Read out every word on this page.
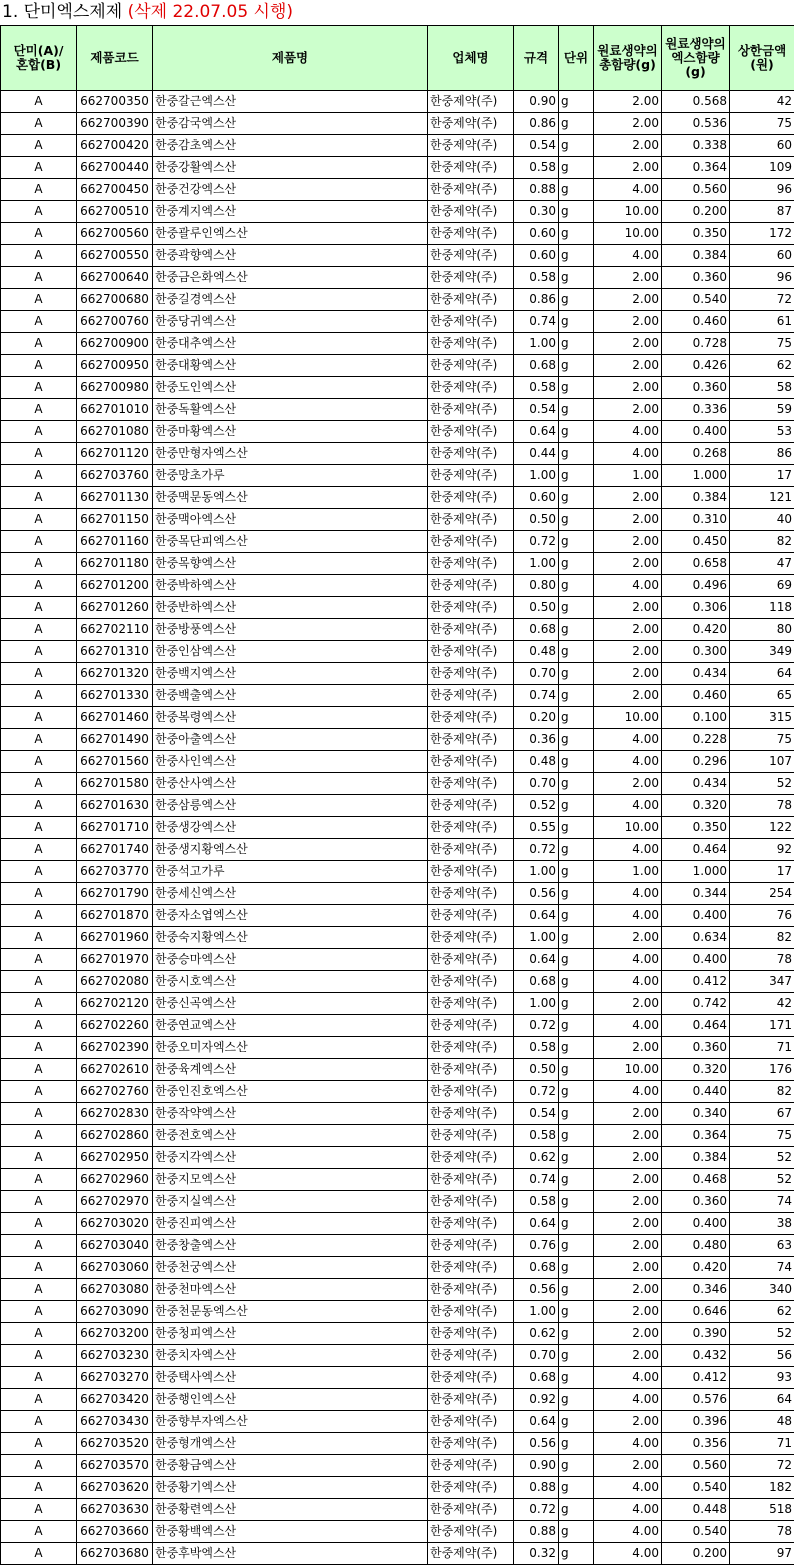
1. 단미엑스제제 (삭제 22.07.05 시행)
단미(A)/혼합(B)	제품코드	제품명	업체명	규격	단위	원료생약의 총함량(g)	원료생약의 엑스함량(g)	상한금액(원)
A	662700350	한중갈근엑스산	한중제약(주)	0.90	g	2.00	0.568	42
A	662700390	한중감국엑스산	한중제약(주)	0.86	g	2.00	0.536	75
A	662700420	한중감초엑스산	한중제약(주)	0.54	g	2.00	0.338	60
A	662700440	한중강활엑스산	한중제약(주)	0.58	g	2.00	0.364	109
A	662700450	한중건강엑스산	한중제약(주)	0.88	g	4.00	0.560	96
A	662700510	한중계지엑스산	한중제약(주)	0.30	g	10.00	0.200	87
A	662700560	한중괄루인엑스산	한중제약(주)	0.60	g	10.00	0.350	172
A	662700550	한중곽향엑스산	한중제약(주)	0.60	g	4.00	0.384	60
A	662700640	한중금은화엑스산	한중제약(주)	0.58	g	2.00	0.360	96
A	662700680	한중길경엑스산	한중제약(주)	0.86	g	2.00	0.540	72
A	662700760	한중당귀엑스산	한중제약(주)	0.74	g	2.00	0.460	61
A	662700900	한중대추엑스산	한중제약(주)	1.00	g	2.00	0.728	75
A	662700950	한중대황엑스산	한중제약(주)	0.68	g	2.00	0.426	62
A	662700980	한중도인엑스산	한중제약(주)	0.58	g	2.00	0.360	58
A	662701010	한중독활엑스산	한중제약(주)	0.54	g	2.00	0.336	59
A	662701080	한중마황엑스산	한중제약(주)	0.64	g	4.00	0.400	53
A	662701120	한중만형자엑스산	한중제약(주)	0.44	g	4.00	0.268	86
A	662703760	한중망초가루	한중제약(주)	1.00	g	1.00	1.000	17
A	662701130	한중맥문동엑스산	한중제약(주)	0.60	g	2.00	0.384	121
A	662701150	한중맥아엑스산	한중제약(주)	0.50	g	2.00	0.310	40
A	662701160	한중목단피엑스산	한중제약(주)	0.72	g	2.00	0.450	82
A	662701180	한중목향엑스산	한중제약(주)	1.00	g	2.00	0.658	47
A	662701200	한중박하엑스산	한중제약(주)	0.80	g	4.00	0.496	69
A	662701260	한중반하엑스산	한중제약(주)	0.50	g	2.00	0.306	118
A	662702110	한중방풍엑스산	한중제약(주)	0.68	g	2.00	0.420	80
A	662701310	한중인삼엑스산	한중제약(주)	0.48	g	2.00	0.300	349
A	662701320	한중백지엑스산	한중제약(주)	0.70	g	2.00	0.434	64
A	662701330	한중백출엑스산	한중제약(주)	0.74	g	2.00	0.460	65
A	662701460	한중복령엑스산	한중제약(주)	0.20	g	10.00	0.100	315
A	662701490	한중아출엑스산	한중제약(주)	0.36	g	4.00	0.228	75
A	662701560	한중사인엑스산	한중제약(주)	0.48	g	4.00	0.296	107
A	662701580	한중산사엑스산	한중제약(주)	0.70	g	2.00	0.434	52
A	662701630	한중삼릉엑스산	한중제약(주)	0.52	g	4.00	0.320	78
A	662701710	한중생강엑스산	한중제약(주)	0.55	g	10.00	0.350	122
A	662701740	한중생지황엑스산	한중제약(주)	0.72	g	4.00	0.464	92
A	662703770	한중석고가루	한중제약(주)	1.00	g	1.00	1.000	17
A	662701790	한중세신엑스산	한중제약(주)	0.56	g	4.00	0.344	254
A	662701870	한중자소엽엑스산	한중제약(주)	0.64	g	4.00	0.400	76
A	662701960	한중숙지황엑스산	한중제약(주)	1.00	g	2.00	0.634	82
A	662701970	한중승마엑스산	한중제약(주)	0.64	g	4.00	0.400	78
A	662702080	한중시호엑스산	한중제약(주)	0.68	g	4.00	0.412	347
A	662702120	한중신곡엑스산	한중제약(주)	1.00	g	2.00	0.742	42
A	662702260	한중연교엑스산	한중제약(주)	0.72	g	4.00	0.464	171
A	662702390	한중오미자엑스산	한중제약(주)	0.58	g	2.00	0.360	71
A	662702610	한중육계엑스산	한중제약(주)	0.50	g	10.00	0.320	176
A	662702760	한중인진호엑스산	한중제약(주)	0.72	g	4.00	0.440	82
A	662702830	한중작약엑스산	한중제약(주)	0.54	g	2.00	0.340	67
A	662702860	한중전호엑스산	한중제약(주)	0.58	g	2.00	0.364	75
A	662702950	한중지각엑스산	한중제약(주)	0.62	g	2.00	0.384	52
A	662702960	한중지모엑스산	한중제약(주)	0.74	g	2.00	0.468	52
A	662702970	한중지실엑스산	한중제약(주)	0.58	g	2.00	0.360	74
A	662703020	한중진피엑스산	한중제약(주)	0.64	g	2.00	0.400	38
A	662703040	한중창출엑스산	한중제약(주)	0.76	g	2.00	0.480	63
A	662703060	한중천궁엑스산	한중제약(주)	0.68	g	2.00	0.420	74
A	662703080	한중천마엑스산	한중제약(주)	0.56	g	2.00	0.346	340
A	662703090	한중천문동엑스산	한중제약(주)	1.00	g	2.00	0.646	62
A	662703200	한중청피엑스산	한중제약(주)	0.62	g	2.00	0.390	52
A	662703230	한중치자엑스산	한중제약(주)	0.70	g	2.00	0.432	56
A	662703270	한중택사엑스산	한중제약(주)	0.68	g	4.00	0.412	93
A	662703420	한중행인엑스산	한중제약(주)	0.92	g	4.00	0.576	64
A	662703430	한중향부자엑스산	한중제약(주)	0.64	g	2.00	0.396	48
A	662703520	한중형개엑스산	한중제약(주)	0.56	g	4.00	0.356	71
A	662703570	한중황금엑스산	한중제약(주)	0.90	g	2.00	0.560	72
A	662703620	한중황기엑스산	한중제약(주)	0.88	g	4.00	0.540	182
A	662703630	한중황련엑스산	한중제약(주)	0.72	g	4.00	0.448	518
A	662703660	한중황백엑스산	한중제약(주)	0.88	g	4.00	0.540	78
A	662703680	한중후박엑스산	한중제약(주)	0.32	g	4.00	0.200	97
